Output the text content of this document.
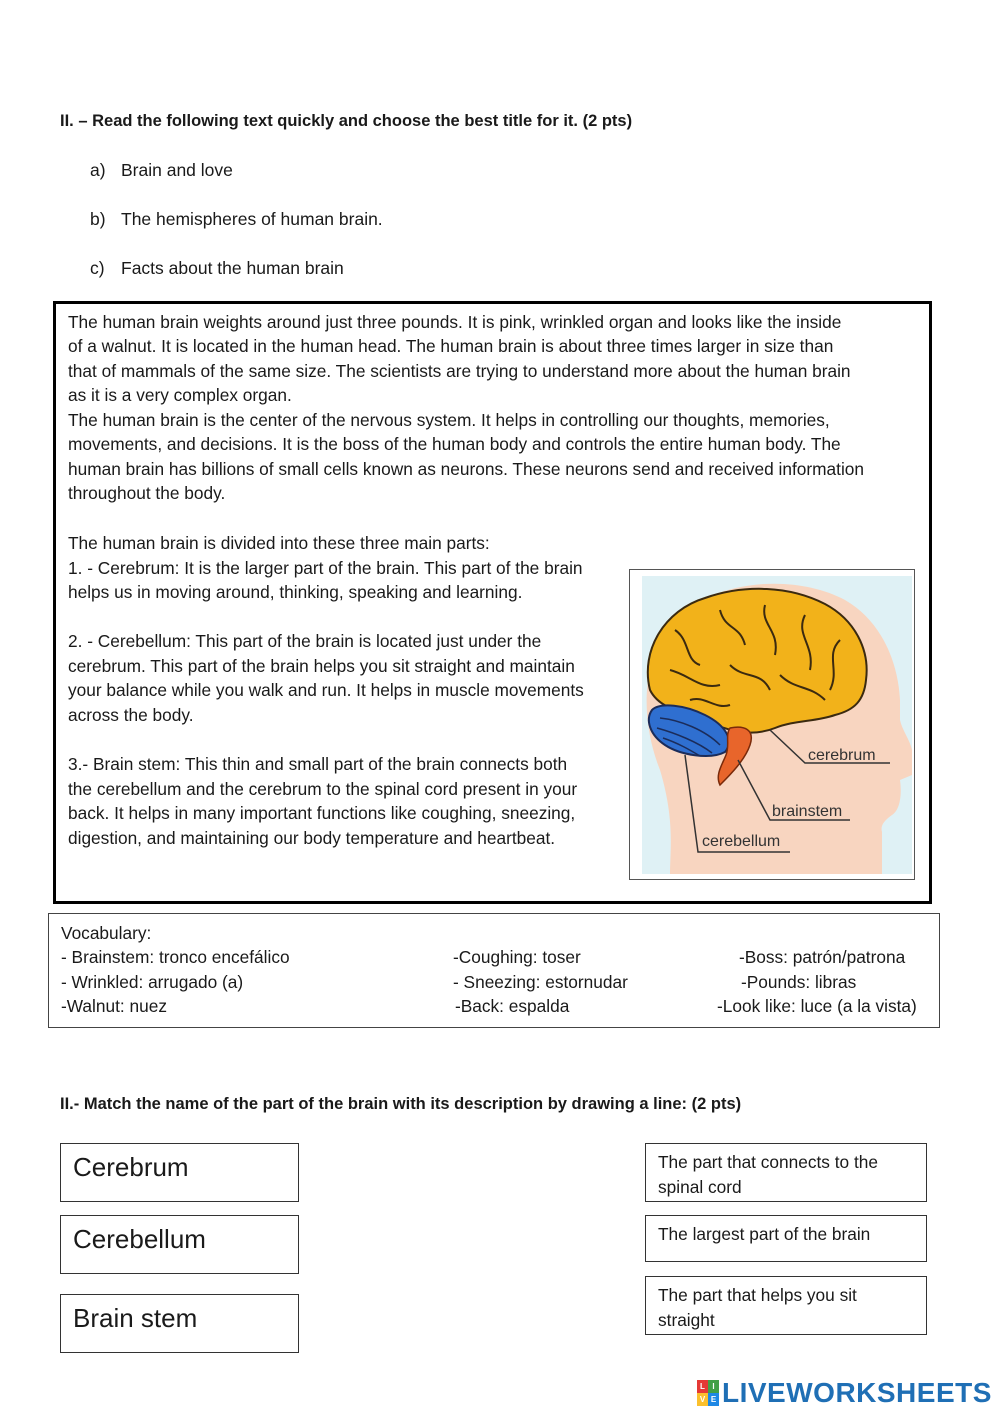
II. – Read the following text quickly and choose the best title for it. (2 pts)
a) Brain and love
b) The hemispheres of human brain.
c) Facts about the human brain
The human brain weights around just three pounds. It is pink, wrinkled organ and looks like the inside
of a walnut. It is located in the human head. The human brain is about three times larger in size than
that of mammals of the same size. The scientists are trying to understand more about the human brain
as it is a very complex organ.
The human brain is the center of the nervous system. It helps in controlling our thoughts, memories,
movements, and decisions. It is the boss of the human body and controls the entire human body. The
human brain has billions of small cells known as neurons. These neurons send and received information
throughout the body.
The human brain is divided into these three main parts:
1. - Cerebrum: It is the larger part of the brain. This part of the brain
helps us in moving around, thinking, speaking and learning.
2. - Cerebellum: This part of the brain is located just under the
cerebrum. This part of the brain helps you sit straight and maintain
your balance while you walk and run. It helps in muscle movements
across the body.
3.- Brain stem: This thin and small part of the brain connects both
the cerebellum and the cerebrum to the spinal cord present in your
back. It helps in many important functions like coughing, sneezing,
digestion, and maintaining our body temperature and heartbeat.
cerebrum
brainstem
cerebellum
Vocabulary:
- Brainstem: tronco encefálico
- Wrinkled: arrugado (a)
-Walnut: nuez
-Coughing: toser
- Sneezing: estornudar
-Back: espalda
-Boss: patrón/patrona
-Pounds: libras
-Look like: luce (a la vista)
II.- Match the name of the part of the brain with its description by drawing a line: (2 pts)
Cerebrum
Cerebellum
Brain stem
The part that connects to the spinal cord
The largest part of the brain
The part that helps you sit straight
L I
V E LIVEWORKSHEETS
